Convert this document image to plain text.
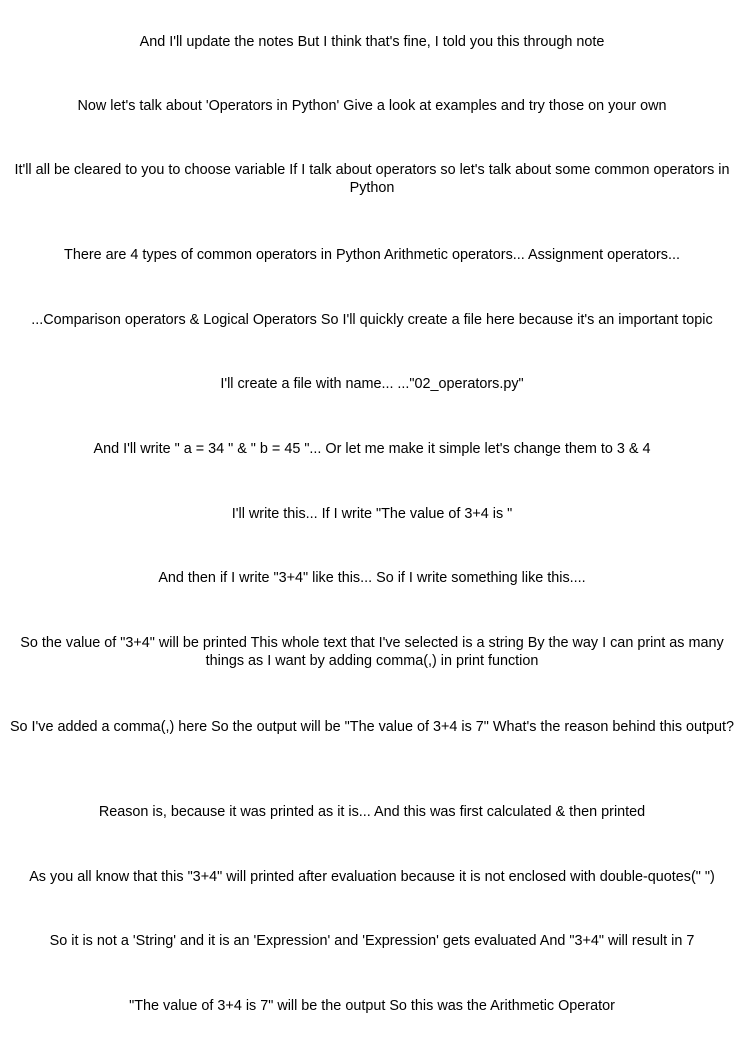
And I'll update the notes But I think that's fine, I told you this through note

Now let's talk about 'Operators in Python' Give a look at examples and try those on your own

It'll all be cleared to you to choose variable If I talk about operators so let's talk about some common operators in Python

There are 4 types of common operators in Python Arithmetic operators... Assignment operators...

...Comparison operators & Logical Operators So I'll quickly create a file here because it's an important topic

I'll create a file with name... ..."02_operators.py"

And I'll write " a = 34 " & " b = 45 "... Or let me make it simple let's change them to 3 & 4

I'll write this... If I write "The value of 3+4 is "

And then if I write "3+4" like this... So if I write something like this....

So the value of "3+4" will be printed This whole text that I've selected is a string By the way I can print as many things as I want by adding comma(,) in print function

So I've added a comma(,) here So the output will be "The value of 3+4 is 7" What's the reason behind this output?

Reason is, because it was printed as it is... And this was first calculated & then printed

As you all know that this "3+4" will printed after evaluation because it is not enclosed with double-quotes(" ")

So it is not a 'String' and it is an 'Expression' and 'Expression' gets evaluated And "3+4" will result in 7

"The value of 3+4 is 7" will be the output So this was the Arithmetic Operator
